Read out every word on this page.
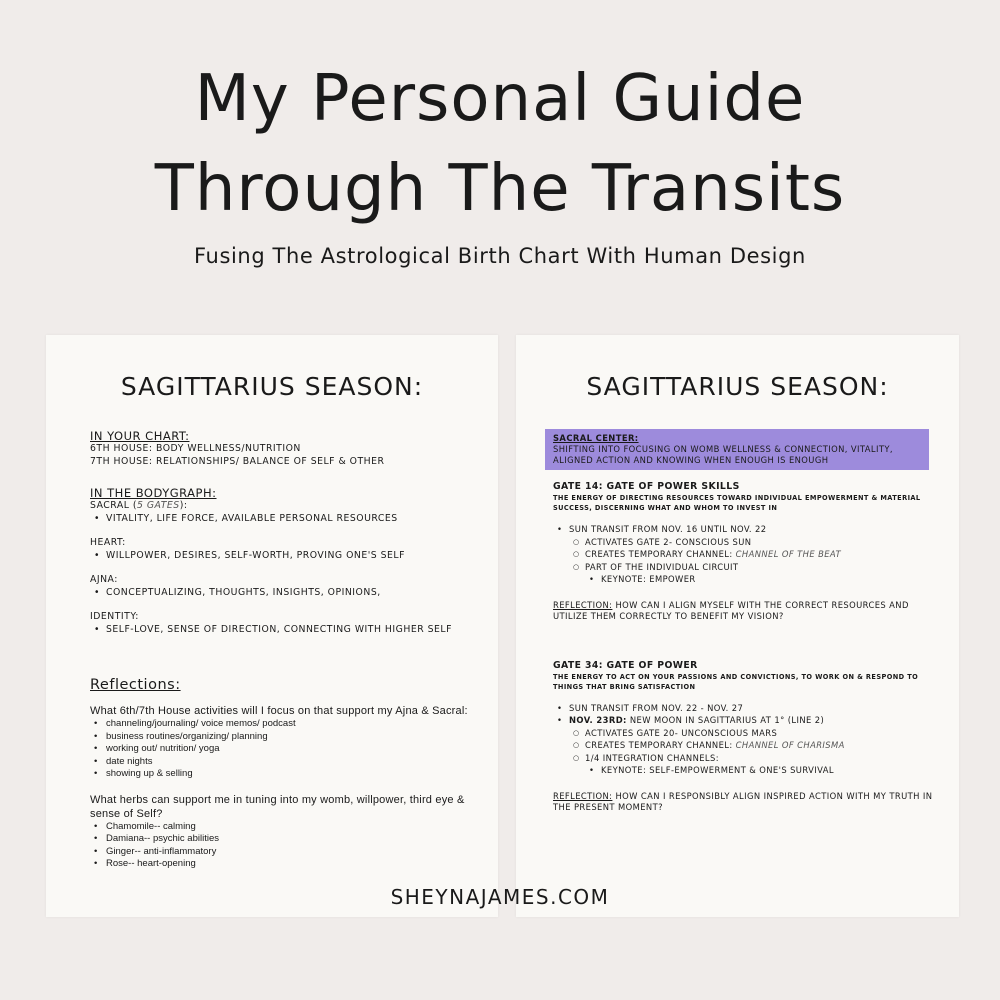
My Personal Guide
Through The Transits
Fusing The Astrological Birth Chart With Human Design
SAGITTARIUS SEASON:
IN YOUR CHART:
6TH HOUSE: BODY WELLNESS/NUTRITION
7TH HOUSE: RELATIONSHIPS/ BALANCE OF SELF & OTHER
IN THE BODYGRAPH:
SACRAL (5 GATES):
• VITALITY, LIFE FORCE, AVAILABLE PERSONAL RESOURCES
HEART:
• WILLPOWER, DESIRES, SELF-WORTH, PROVING ONE'S SELF
AJNA:
• CONCEPTUALIZING, THOUGHTS, INSIGHTS, OPINIONS,
IDENTITY:
• SELF-LOVE, SENSE OF DIRECTION, CONNECTING WITH HIGHER SELF
Reflections:
What 6th/7th House activities will I focus on that support my Ajna & Sacral:
• channeling/journaling/ voice memos/ podcast
• business routines/organizing/ planning
• working out/ nutrition/ yoga
• date nights
• showing up & selling
What herbs can support me in tuning into my womb, willpower, third eye & sense of Self?
• Chamomile-- calming
• Damiana-- psychic abilities
• Ginger-- anti-inflammatory
• Rose-- heart-opening
SAGITTARIUS SEASON:
SACRAL CENTER:
SHIFTING INTO FOCUSING ON WOMB WELLNESS & CONNECTION, VITALITY, ALIGNED ACTION AND KNOWING WHEN ENOUGH IS ENOUGH
GATE 14: GATE OF POWER SKILLS
THE ENERGY OF DIRECTING RESOURCES TOWARD INDIVIDUAL EMPOWERMENT & MATERIAL SUCCESS, DISCERNING WHAT AND WHOM TO INVEST IN
• SUN TRANSIT FROM NOV. 16 UNTIL NOV. 22
○ ACTIVATES GATE 2- CONSCIOUS SUN
○ CREATES TEMPORARY CHANNEL: CHANNEL OF THE BEAT
○ PART OF THE INDIVIDUAL CIRCUIT
• KEYNOTE: EMPOWER
REFLECTION: HOW CAN I ALIGN MYSELF WITH THE CORRECT RESOURCES AND UTILIZE THEM CORRECTLY TO BENEFIT MY VISION?
GATE 34: GATE OF POWER
THE ENERGY TO ACT ON YOUR PASSIONS AND CONVICTIONS, TO WORK ON & RESPOND TO THINGS THAT BRING SATISFACTION
• SUN TRANSIT FROM NOV. 22 - NOV. 27
• NOV. 23RD: NEW MOON IN SAGITTARIUS AT 1° (LINE 2)
○ ACTIVATES GATE 20- UNCONSCIOUS MARS
○ CREATES TEMPORARY CHANNEL: CHANNEL OF CHARISMA
○ 1/4 INTEGRATION CHANNELS:
• KEYNOTE: SELF-EMPOWERMENT & ONE'S SURVIVAL
REFLECTION: HOW CAN I RESPONSIBLY ALIGN INSPIRED ACTION WITH MY TRUTH IN THE PRESENT MOMENT?
SHEYNAJAMES.COM
